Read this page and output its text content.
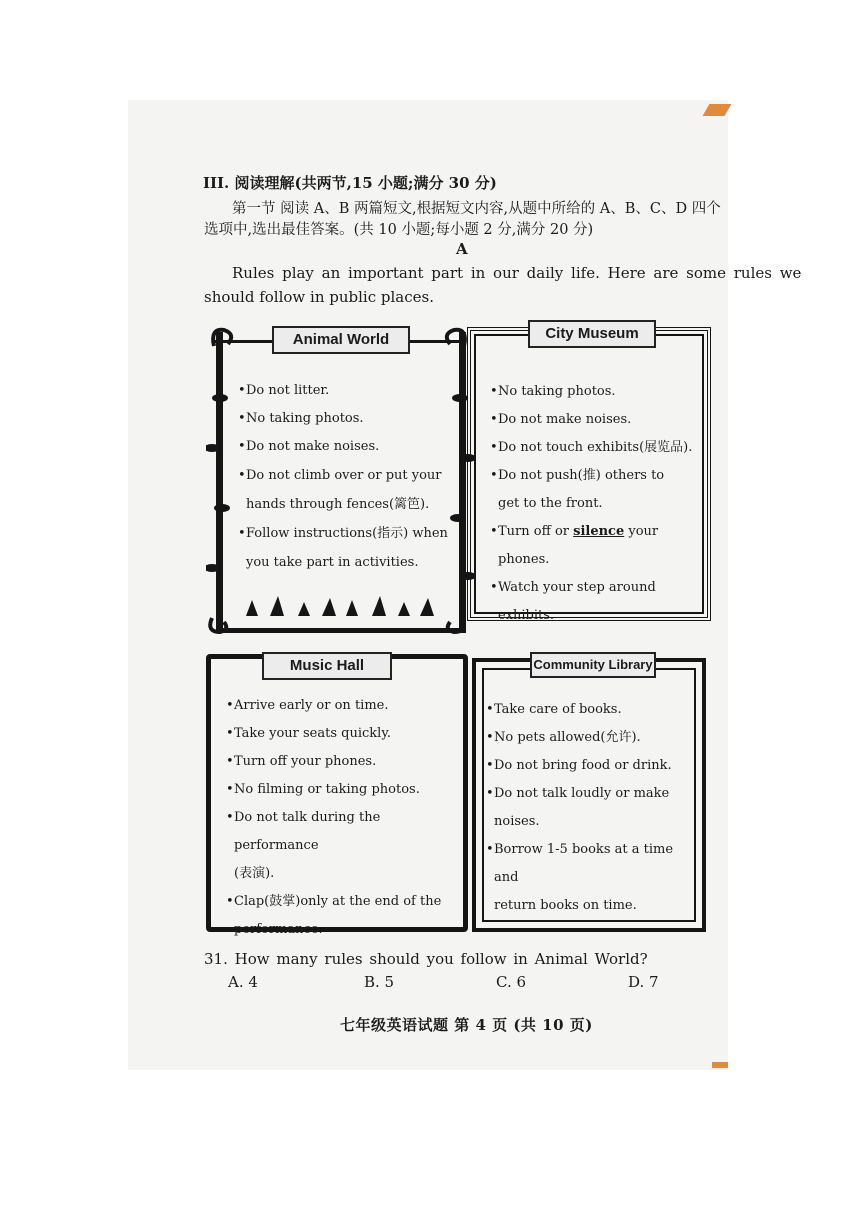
III. 阅读理解(共两节,15 小题;满分 30 分)
第一节 阅读 A、B 两篇短文,根据短文内容,从题中所给的 A、B、C、D 四个
选项中,选出最佳答案。(共 10 小题;每小题 2 分,满分 20 分)
A
Rules play an important part in our daily life. Here are some rules we
should follow in public places.
Animal World
• Do not litter.
• No taking photos.
• Do not make noises.
• Do not climb over or put your
hands through fences(篱笆).
• Follow instructions(指示) when
you take part in activities.
City Museum
• No taking photos.
• Do not make noises.
• Do not touch exhibits(展览品).
• Do not push(推) others to
get to the front.
• Turn off or silence your phones.
• Watch your step around exhibits.
Music Hall
• Arrive early or on time.
• Take your seats quickly.
• Turn off your phones.
• No filming or taking photos.
• Do not talk during the performance
(表演).
• Clap(鼓掌)only at the end of the
performance.
Community Library
• Take care of books.
• No pets allowed(允许).
• Do not bring food or drink.
• Do not talk loudly or make
noises.
• Borrow 1-5 books at a time and
return books on time.
31. How many rules should you follow in Animal World?
A. 4	B. 5	C. 6	D. 7
七年级英语试题 第 4 页 (共 10 页)
